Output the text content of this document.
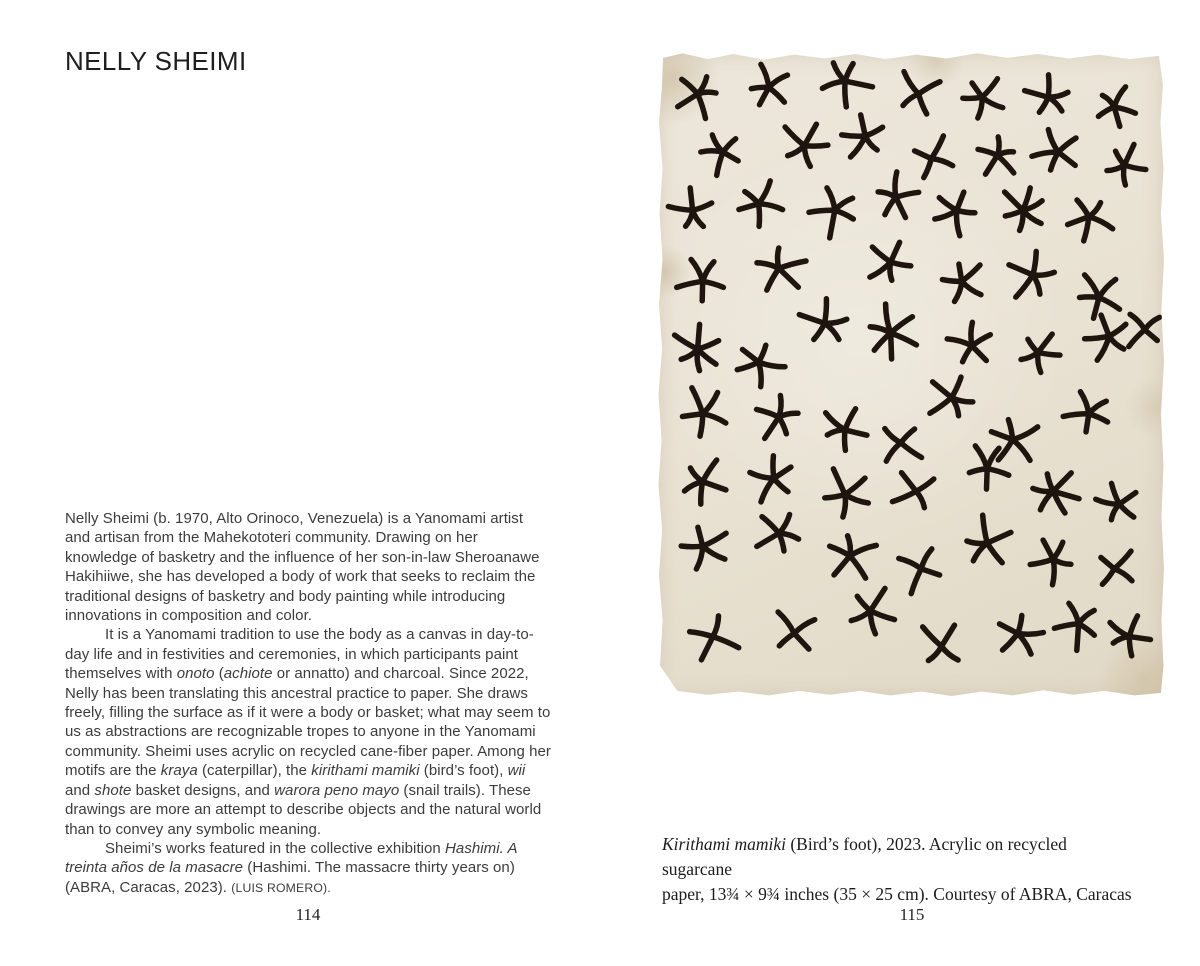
NELLY SHEIMI

Nelly Sheimi (b. 1970, Alto Orinoco, Venezuela) is a Yanomami artist and artisan from the Mahekototeri community. Drawing on her knowledge of basketry and the influence of her son-in-law Sheroanawe Hakihiiwe, she has developed a body of work that seeks to reclaim the traditional designs of basketry and body painting while introducing innovations in composition and color.

It is a Yanomami tradition to use the body as a canvas in day-to-day life and in festivities and ceremonies, in which participants paint themselves with onoto (achiote or annatto) and charcoal. Since 2022, Nelly has been translating this ancestral practice to paper. She draws freely, filling the surface as if it were a body or basket; what may seem to us as abstractions are recognizable tropes to anyone in the Yanomami community. Sheimi uses acrylic on recycled cane-fiber paper. Among her motifs are the kraya (caterpillar), the kirithami mamiki (bird’s foot), wii and shote basket designs, and warora peno mayo (snail trails). These drawings are more an attempt to describe objects and the natural world than to convey any symbolic meaning.

Sheimi’s works featured in the collective exhibition Hashimi. A treinta años de la masacre (Hashimi. The massacre thirty years on) (ABRA, Caracas, 2023). (LUIS ROMERO).

114
Kirithami mamiki (Bird’s foot), 2023. Acrylic on recycled sugarcane
paper, 13¾ × 9¾ inches (35 × 25 cm). Courtesy of ABRA, Caracas
115
